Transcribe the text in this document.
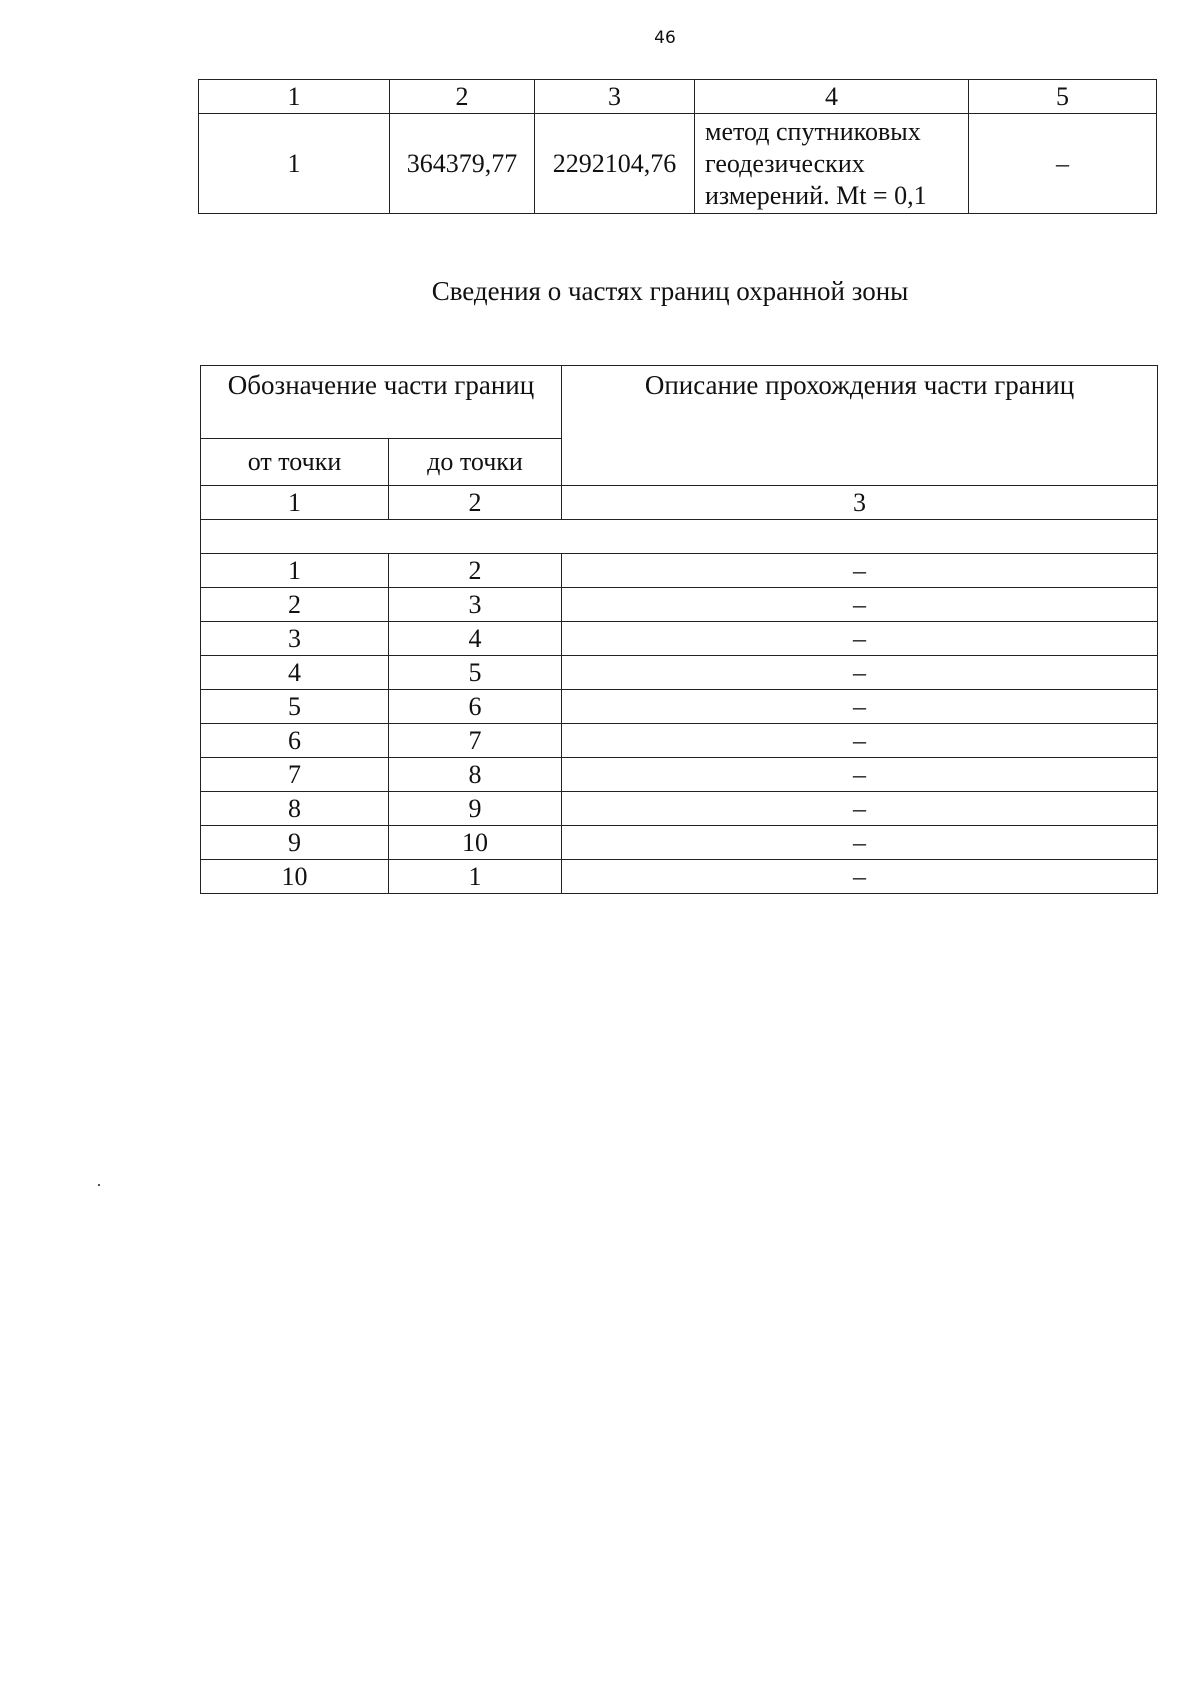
46
1	2	3	4	5
1	364379,77	2292104,76	метод спутниковых
геодезических
измерений. Mt = 0,1	–
Сведения о частях границ охранной зоны
Обозначение части границ		Описание прохождения части границ
от точки	до точки	
1	2	3

1	2	–
2	3	–
3	4	–
4	5	–
5	6	–
6	7	–
7	8	–
8	9	–
9	10	–
10	1	–
